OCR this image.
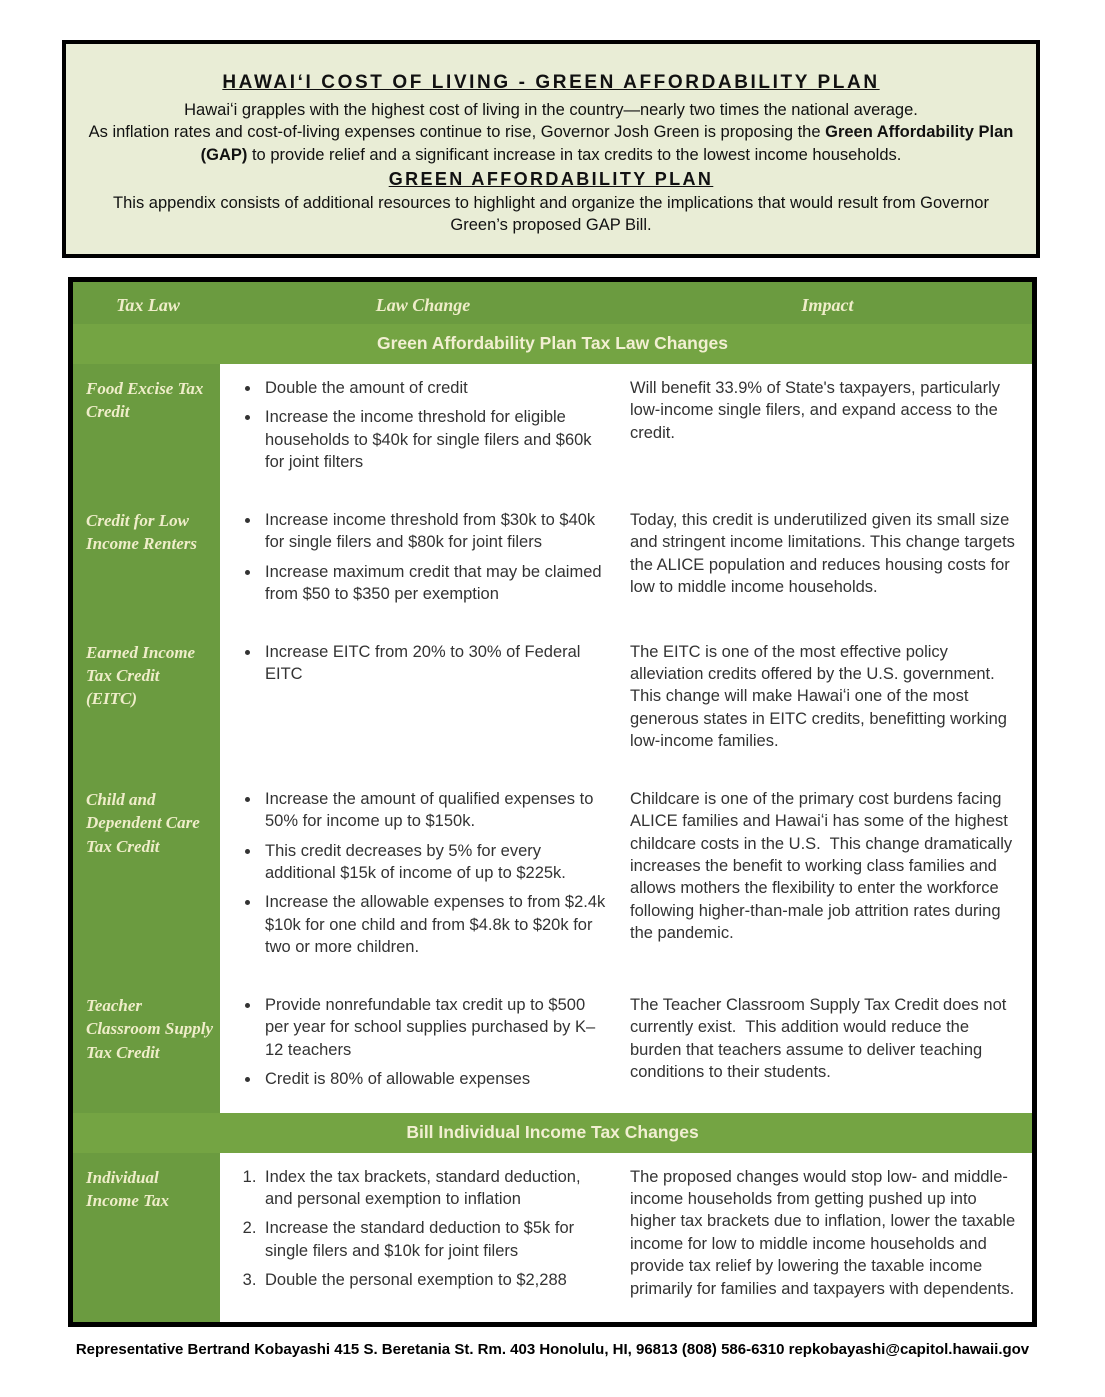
HAWAIʻI COST OF LIVING - GREEN AFFORDABILITY PLAN

Hawaiʻi grapples with the highest cost of living in the country—nearly two times the national average.

As inflation rates and cost-of-living expenses continue to rise, Governor Josh Green is proposing the Green Affordability Plan (GAP) to provide relief and a significant increase in tax credits to the lowest income households.

GREEN AFFORDABILITY PLAN

This appendix consists of additional resources to highlight and organize the implications that would result from Governor Green’s proposed GAP Bill.

Tax Law	Law Change	Impact
Green Affordability Plan Tax Law Changes
Food Excise Tax Credit
• Double the amount of credit
• Increase the income threshold for eligible households to $40k for single filers and $60k for joint filters
Will benefit 33.9% of State's taxpayers, particularly low-income single filers, and expand access to the credit.
Credit for Low Income Renters
• Increase income threshold from $30k to $40k for single filers and $80k for joint filers
• Increase maximum credit that may be claimed from $50 to $350 per exemption
Today, this credit is underutilized given its small size and stringent income limitations. This change targets the ALICE population and reduces housing costs for low to middle income households.
Earned Income Tax Credit (EITC)
• Increase EITC from 20% to 30% of Federal EITC
The EITC is one of the most effective policy alleviation credits offered by the U.S. government.  This change will make Hawaiʻi one of the most generous states in EITC credits, benefitting working low-income families.
Child and Dependent Care Tax Credit
• Increase the amount of qualified expenses to 50% for income up to $150k.
• This credit decreases by 5% for every additional $15k of income of up to $225k.
• Increase the allowable expenses to from $2.4k $10k for one child and from $4.8k to $20k for two or more children.
Childcare is one of the primary cost burdens facing ALICE families and Hawaiʻi has some of the highest childcare costs in the U.S.  This change dramatically increases the benefit to working class families and allows mothers the flexibility to enter the workforce following higher-than-male job attrition rates during the pandemic.
Teacher Classroom Supply Tax Credit
• Provide nonrefundable tax credit up to $500 per year for school supplies purchased by K–12 teachers
• Credit is 80% of allowable expenses
The Teacher Classroom Supply Tax Credit does not currently exist.  This addition would reduce the burden that teachers assume to deliver teaching conditions to their students.
Bill Individual Income Tax Changes
Individual Income Tax
1. Index the tax brackets, standard deduction, and personal exemption to inflation
2. Increase the standard deduction to $5k for single filers and $10k for joint filers
3. Double the personal exemption to $2,288
The proposed changes would stop low- and middle-income households from getting pushed up into higher tax brackets due to inflation, lower the taxable income for low to middle income households and provide tax relief by lowering the taxable income primarily for families and taxpayers with dependents.
Representative Bertrand Kobayashi 415 S. Beretania St. Rm. 403 Honolulu, HI, 96813 (808) 586-6310 repkobayashi@capitol.hawaii.gov
